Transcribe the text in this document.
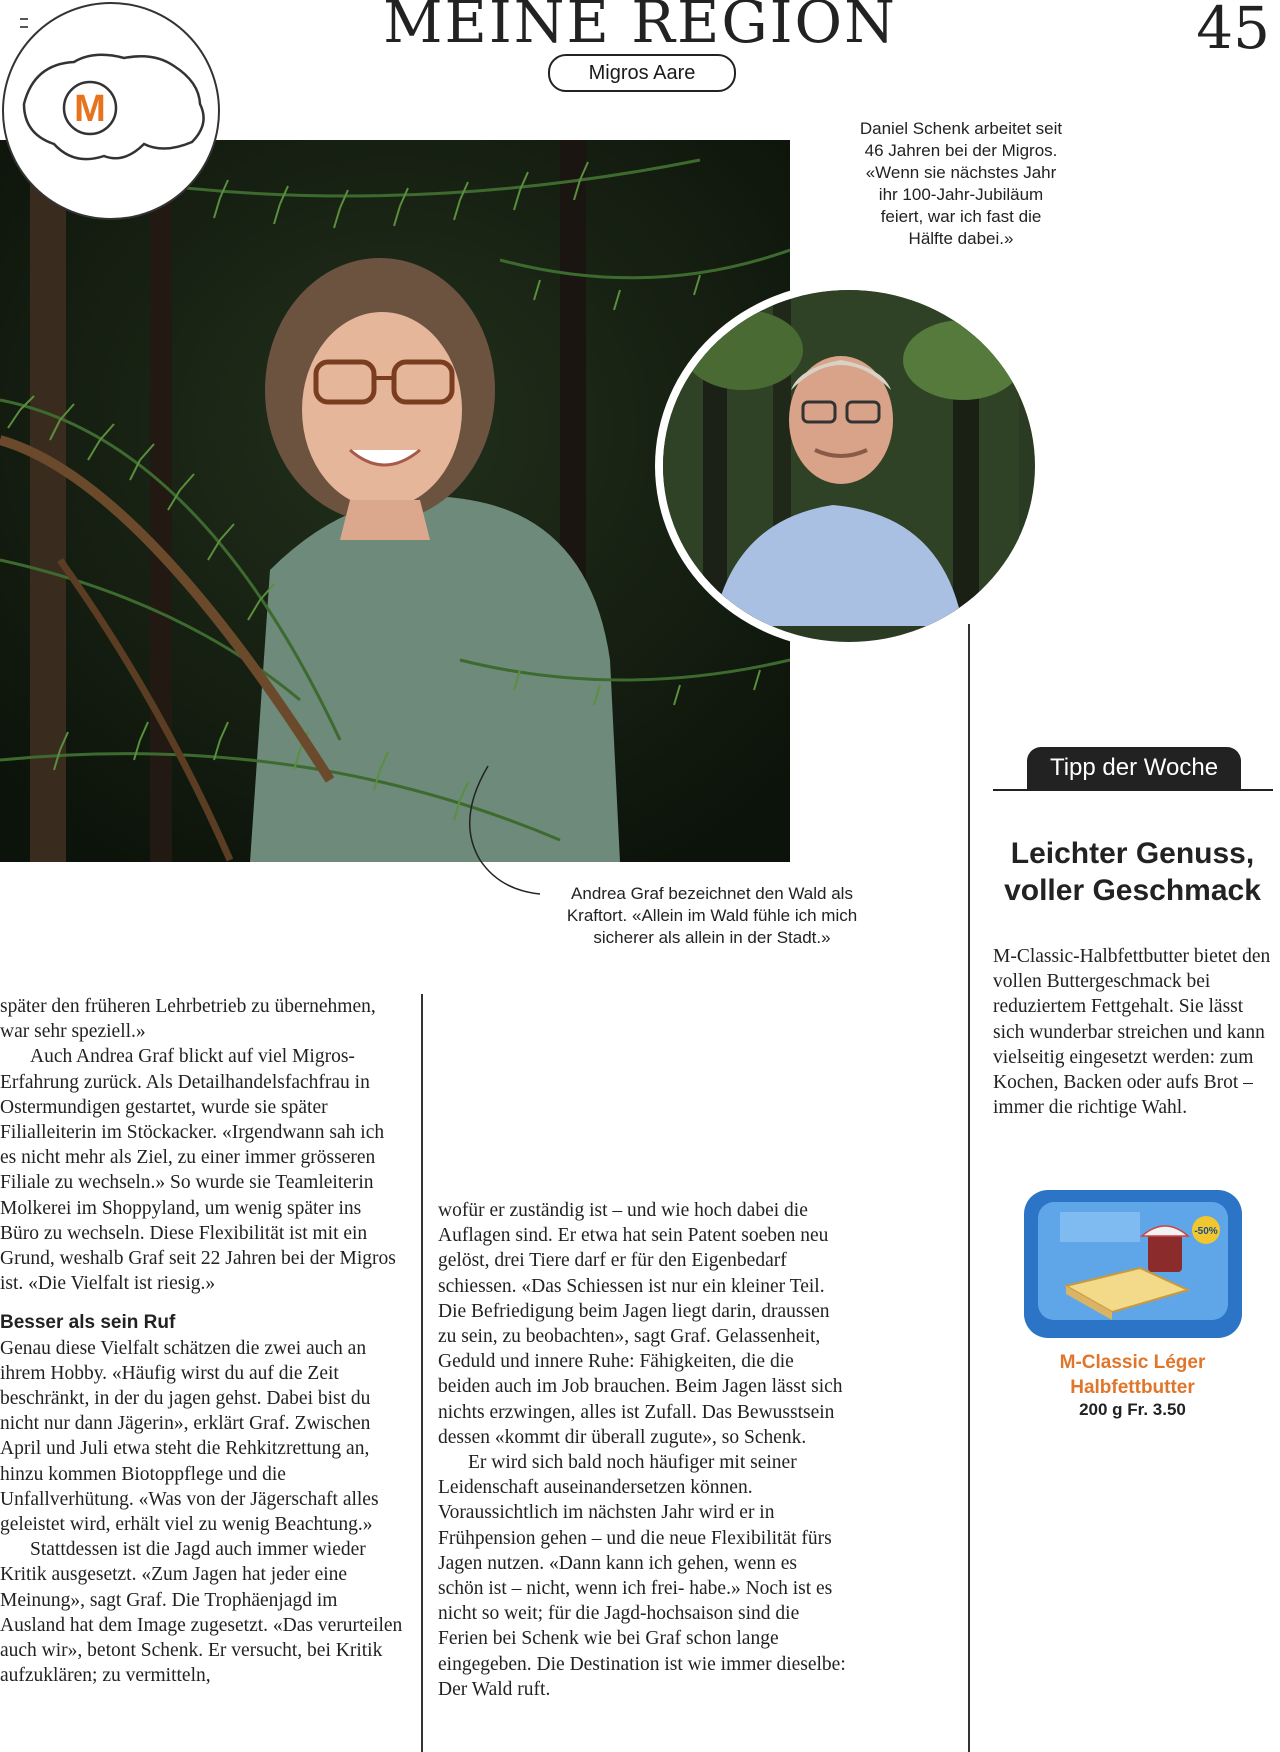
MEINE REGION	45
Migros Aare
M	Daniel Schenk arbeitet seit 46 Jahren bei der Migros. «Wenn sie nächstes Jahr ihr 100-Jahr-Jubiläum feiert, war ich fast die Hälfte dabei.»
Andrea Graf bezeichnet den Wald als Kraftort. «Allein im Wald fühle ich mich sicherer als allein in der Stadt.»

später den früheren Lehrbetrieb zu übernehmen, war sehr speziell.»

Auch Andrea Graf blickt auf viel Migros-Erfahrung zurück. Als Detailhandelsfachfrau in Ostermundigen gestartet, wurde sie später Filialleiterin im Stöckacker. «Irgendwann sah ich es nicht mehr als Ziel, zu einer immer grösseren Filiale zu wechseln.» So wurde sie Teamleiterin Molkerei im Shoppyland, um wenig später ins Büro zu wechseln. Diese Flexibilität ist mit ein Grund, weshalb Graf seit 22 Jahren bei der Migros ist. «Die Vielfalt ist riesig.»

Besser als sein Ruf

Genau diese Vielfalt schätzen die zwei auch an ihrem Hobby. «Häufig wirst du auf die Zeit beschränkt, in der du jagen gehst. Dabei bist du nicht nur dann Jägerin», erklärt Graf. Zwischen April und Juli etwa steht die Rehkitzrettung an, hinzu kommen Biotoppflege und die Unfallverhütung. «Was von der Jägerschaft alles geleistet wird, erhält viel zu wenig Beachtung.»

Stattdessen ist die Jagd auch immer wieder Kritik ausgesetzt. «Zum Jagen hat jeder eine Meinung», sagt Graf. Die Trophäenjagd im Ausland hat dem Image zugesetzt. «Das verurteilen auch wir», betont Schenk. Er versucht, bei Kritik aufzuklären; zu vermitteln,

wofür er zuständig ist – und wie hoch dabei die Auflagen sind. Er etwa hat sein Patent soeben neu gelöst, drei Tiere darf er für den Eigenbedarf schiessen. «Das Schiessen ist nur ein kleiner Teil. Die Befriedigung beim Jagen liegt darin, draussen zu sein, zu beobachten», sagt Graf. Gelassenheit, Geduld und innere Ruhe: Fähigkeiten, die die beiden auch im Job brauchen. Beim Jagen lässt sich nichts erzwingen, alles ist Zufall. Das Bewusstsein dessen «kommt dir überall zugute», so Schenk.

Er wird sich bald noch häufiger mit seiner Leidenschaft auseinandersetzen können. Voraussichtlich im nächsten Jahr wird er in Frühpension gehen – und die neue Flexibilität fürs Jagen nutzen. «Dann kann ich gehen, wenn es schön ist – nicht, wenn ich frei- habe.» Noch ist es nicht so weit; für die Jagd-hochsaison sind die Ferien bei Schenk wie bei Graf schon lange eingegeben. Die Destination ist wie immer dieselbe: Der Wald ruft.

Tipp der Woche
Leichter Genuss,
voller Geschmack
M-Classic-Halbfettbutter bietet den vollen Buttergeschmack bei reduziertem Fettgehalt. Sie lässt sich wunderbar streichen und kann vielseitig eingesetzt werden: zum Kochen, Backen oder aufs Brot – immer die richtige Wahl.
-50%
M-Classic Léger
Halbfettbutter
200 g Fr. 3.50
